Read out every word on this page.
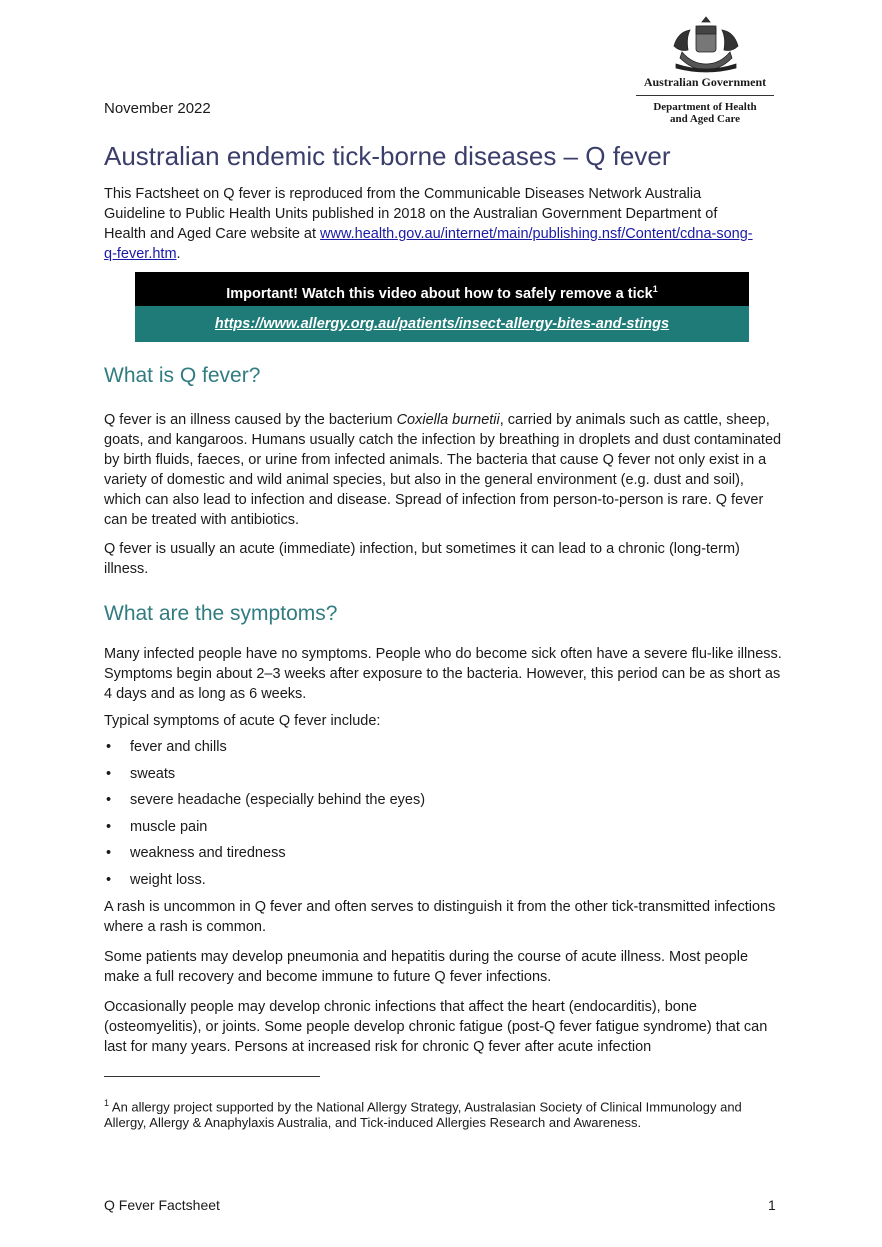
November 2022
Australian Government
Department of Health
and Aged Care
Australian endemic tick-borne diseases – Q fever
This Factsheet on Q fever is reproduced from the Communicable Diseases Network Australia Guideline to Public Health Units published in 2018 on the Australian Government Department of Health and Aged Care website at www.health.gov.au/internet/main/publishing.nsf/Content/cdna-song-q-fever.htm.
Important! Watch this video about how to safely remove a tick$^1$
https://www.allergy.org.au/patients/insect-allergy-bites-and-stings
What is Q fever?

Q fever is an illness caused by the bacterium Coxiella burnetii, carried by animals such as cattle, sheep, goats, and kangaroos. Humans usually catch the infection by breathing in droplets and dust contaminated by birth fluids, faeces, or urine from infected animals. The bacteria that cause Q fever not only exist in a variety of domestic and wild animal species, but also in the general environment (e.g. dust and soil), which can also lead to infection and disease. Spread of infection from person-to-person is rare. Q fever can be treated with antibiotics.

Q fever is usually an acute (immediate) infection, but sometimes it can lead to a chronic (long-term) illness.

What are the symptoms?

Many infected people have no symptoms. People who do become sick often have a severe flu-like illness. Symptoms begin about 2–3 weeks after exposure to the bacteria. However, this period can be as short as 4 days and as long as 6 weeks.

Typical symptoms of acute Q fever include:

• fever and chills
• sweats
• severe headache (especially behind the eyes)
• muscle pain
• weakness and tiredness
• weight loss.

A rash is uncommon in Q fever and often serves to distinguish it from the other tick-transmitted infections where a rash is common.

Some patients may develop pneumonia and hepatitis during the course of acute illness. Most people make a full recovery and become immune to future Q fever infections.

Occasionally people may develop chronic infections that affect the heart (endocarditis), bone (osteomyelitis), or joints. Some people develop chronic fatigue (post-Q fever fatigue syndrome) that can last for many years. Persons at increased risk for chronic Q fever after acute infection

$^1$ An allergy project supported by the National Allergy Strategy, Australasian Society of Clinical Immunology and Allergy, Allergy & Anaphylaxis Australia, and Tick-induced Allergies Research and Awareness.
Q Fever Factsheet	1
